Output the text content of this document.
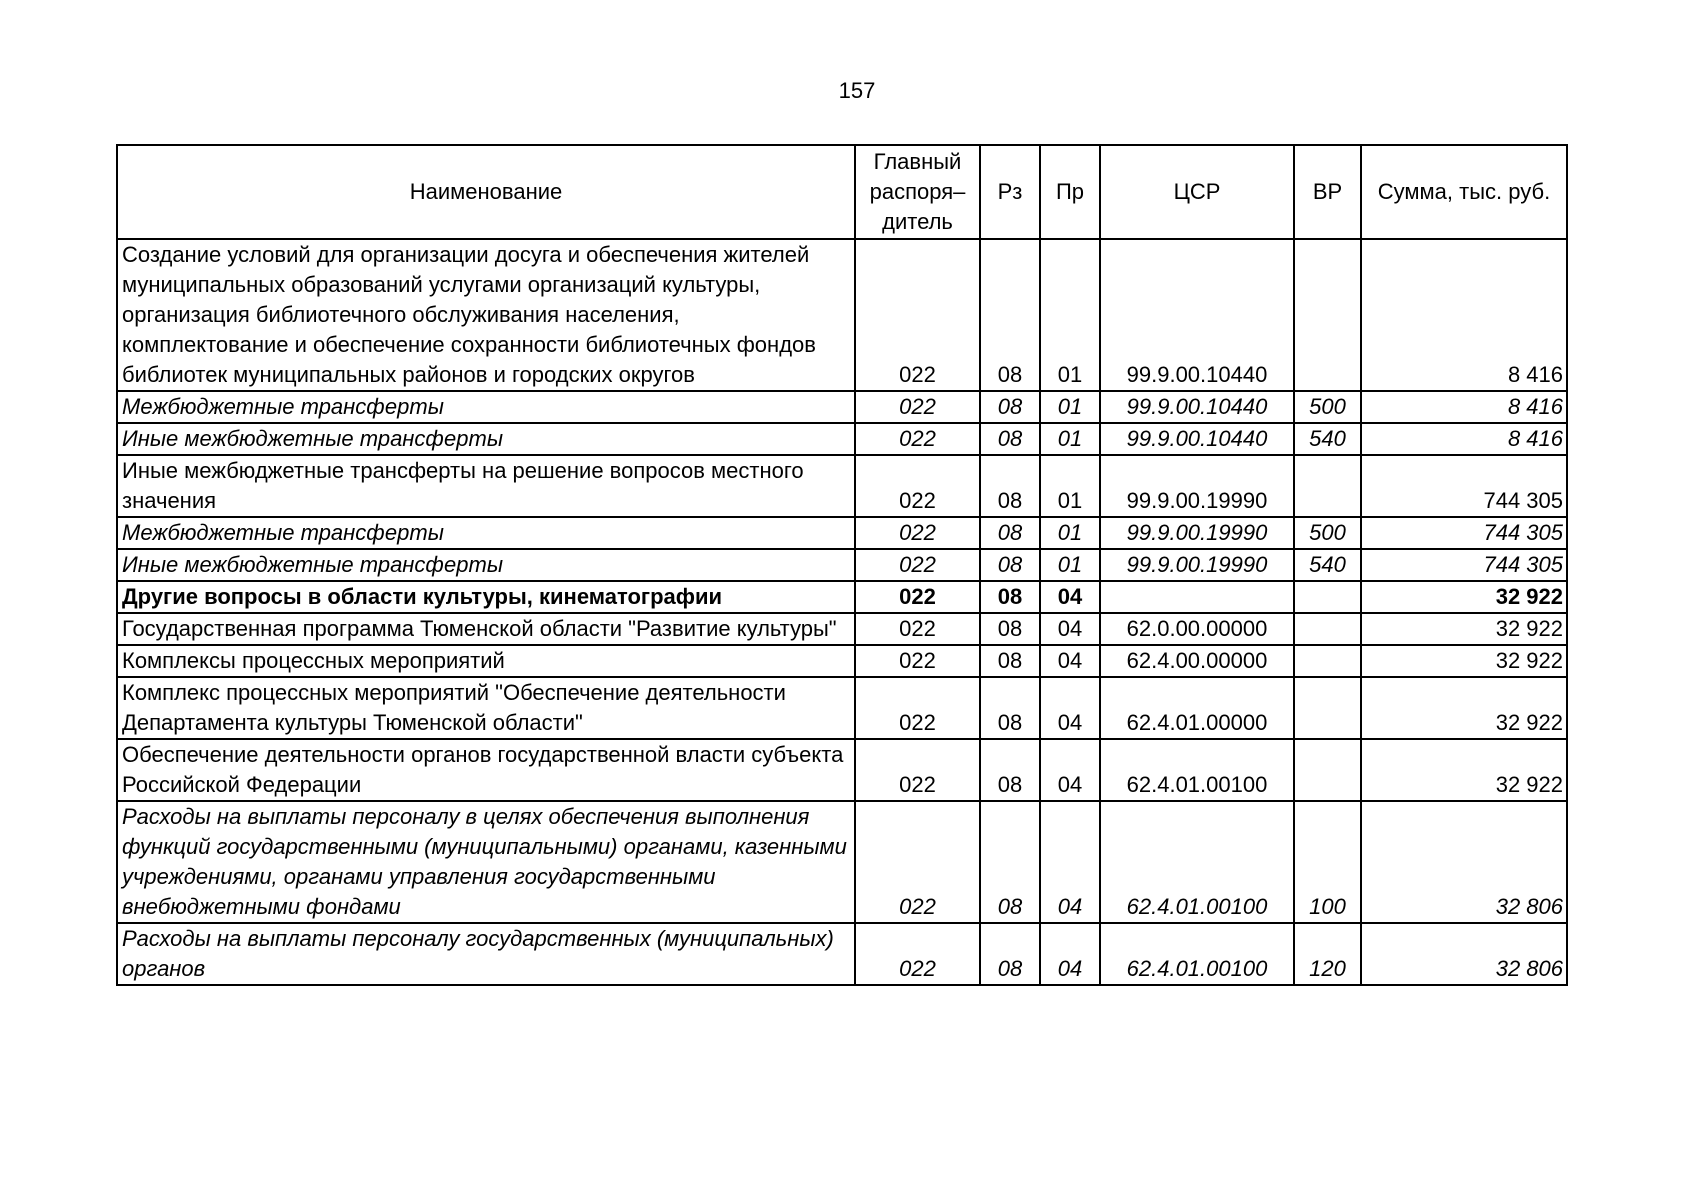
157
Наименование	Главный распоря– дитель	Рз	Пр	ЦСР	ВР	Сумма, тыс. руб.
Создание условий для организации досуга и обеспечения жителей муниципальных образований услугами организаций культуры, организация библиотечного обслуживания населения, комплектование и обеспечение сохранности библиотечных фондов библиотек муниципальных районов и городских округов	022	08	01	99.9.00.10440		8 416
Межбюджетные трансферты	022	08	01	99.9.00.10440	500	8 416
Иные межбюджетные трансферты	022	08	01	99.9.00.10440	540	8 416
Иные межбюджетные трансферты на решение вопросов местного значения	022	08	01	99.9.00.19990		744 305
Межбюджетные трансферты	022	08	01	99.9.00.19990	500	744 305
Иные межбюджетные трансферты	022	08	01	99.9.00.19990	540	744 305
Другие вопросы в области культуры, кинематографии	022	08	04			32 922
Государственная программа Тюменской области "Развитие культуры"	022	08	04	62.0.00.00000		32 922
Комплексы процессных мероприятий	022	08	04	62.4.00.00000		32 922
Комплекс процессных мероприятий "Обеспечение деятельности Департамента культуры Тюменской области"	022	08	04	62.4.01.00000		32 922
Обеспечение деятельности органов государственной власти субъекта Российской Федерации	022	08	04	62.4.01.00100		32 922
Расходы на выплаты персоналу в целях обеспечения выполнения функций государственными (муниципальными) органами, казенными учреждениями, органами управления государственными внебюджетными фондами	022	08	04	62.4.01.00100	100	32 806
Расходы на выплаты персоналу государственных (муниципальных) органов	022	08	04	62.4.01.00100	120	32 806
